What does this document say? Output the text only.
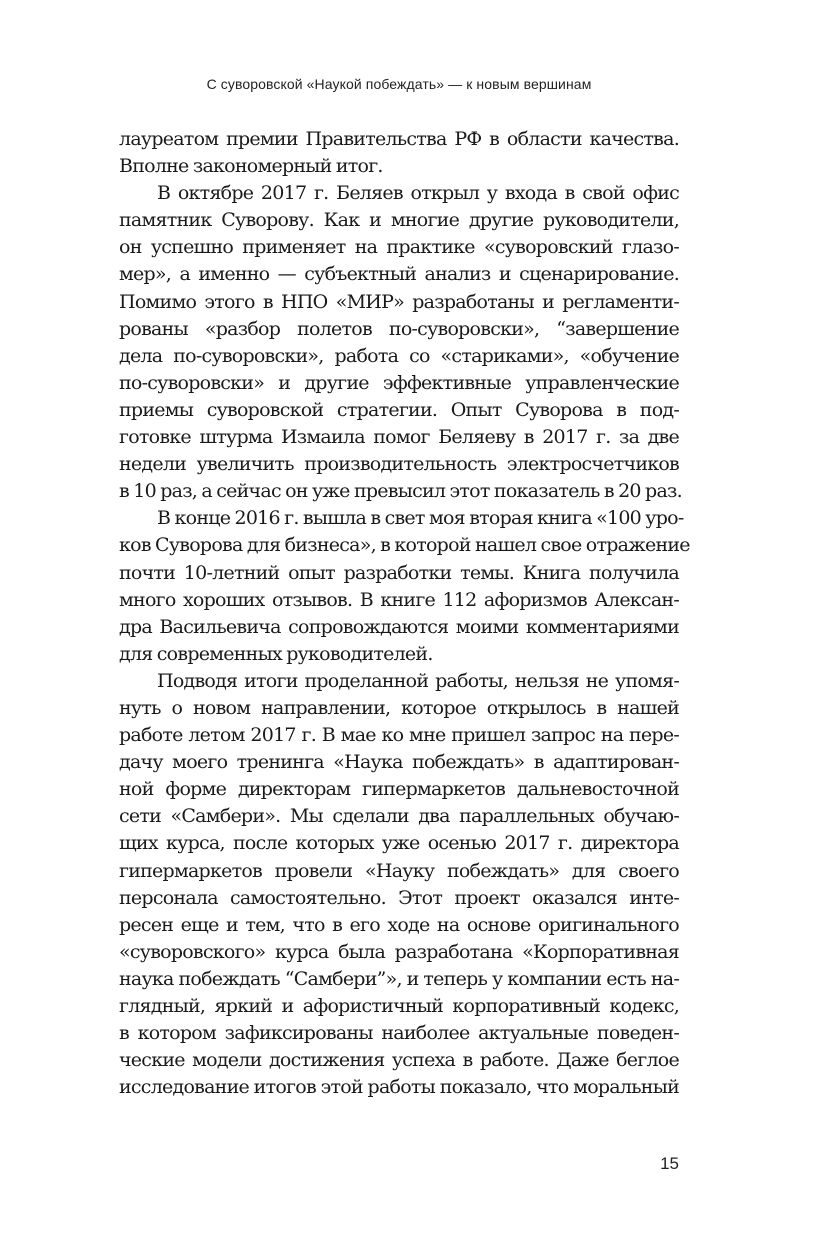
С суворовской «Наукой побеждать» — к новым вершинам
лауреатом премии Правительства РФ в области качества.
Вполне закономерный итог.
В октябре 2017 г. Беляев открыл у входа в свой офис
памятник Суворову. Как и многие другие руководители,
он успешно применяет на практике «суворовский глазо-
мер», а именно — субъектный анализ и сценарирование.
Помимо этого в НПО «МИР» разработаны и регламенти-
рованы «разбор полетов по-суворовски», “завершение
дела по-суворовски», работа со «стариками», «обучение
по-суворовски» и другие эффективные управленческие
приемы суворовской стратегии. Опыт Суворова в под-
готовке штурма Измаила помог Беляеву в 2017 г. за две
недели увеличить производительность электросчетчиков
в 10 раз, а сейчас он уже превысил этот показатель в 20 раз.
В конце 2016 г. вышла в свет моя вторая книга «100 уро-
ков Суворова для бизнеса», в которой нашел свое отражение
почти 10-летний опыт разработки темы. Книга получила
много хороших отзывов. В книге 112 афоризмов Алексан-
дра Васильевича сопровождаются моими комментариями
для современных руководителей.
Подводя итоги проделанной работы, нельзя не упомя-
нуть о новом направлении, которое открылось в нашей
работе летом 2017 г. В мае ко мне пришел запрос на пере-
дачу моего тренинга «Наука побеждать» в адаптирован-
ной форме директорам гипермаркетов дальневосточной
сети «Самбери». Мы сделали два параллельных обучаю-
щих курса, после которых уже осенью 2017 г. директора
гипермаркетов провели «Науку побеждать» для своего
персонала самостоятельно. Этот проект оказался инте-
ресен еще и тем, что в его ходе на основе оригинального
«суворовского» курса была разработана «Корпоративная
наука побеждать “Самбери”», и теперь у компании есть на-
глядный, яркий и афористичный корпоративный кодекс,
в котором зафиксированы наиболее актуальные поведен-
ческие модели достижения успеха в работе. Даже беглое
исследование итогов этой работы показало, что моральный
15
